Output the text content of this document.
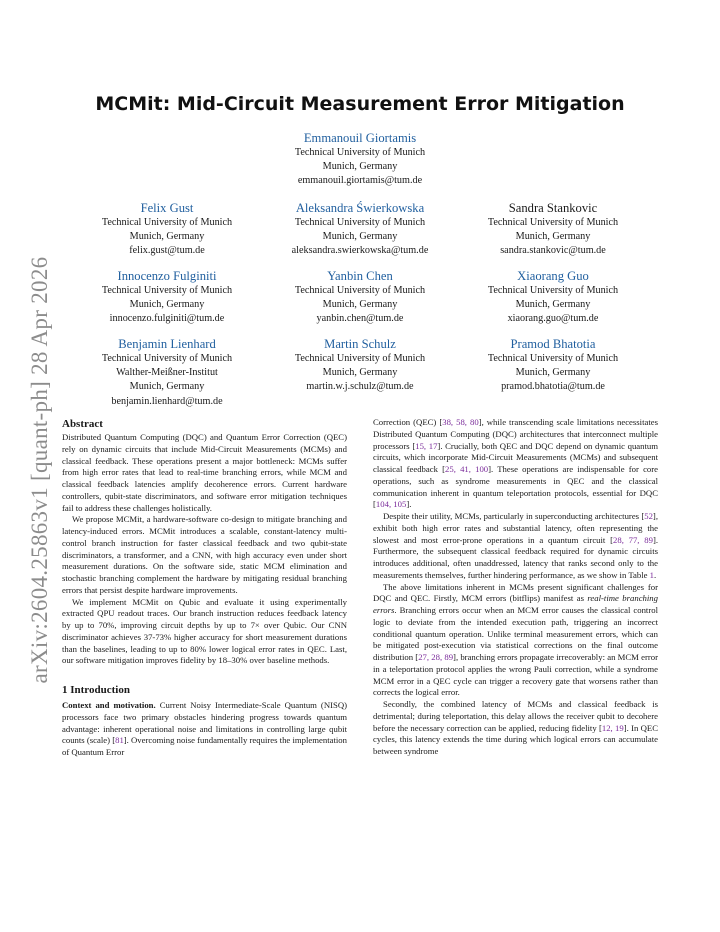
arXiv:2604.25863v1 [quant-ph] 28 Apr 2026
MCMit: Mid-Circuit Measurement Error Mitigation
Emmanouil Giortamis
Technical University of Munich
Munich, Germany
emmanouil.giortamis@tum.de
Felix Gust
Technical University of Munich
Munich, Germany
felix.gust@tum.de
Aleksandra Świerkowska
Technical University of Munich
Munich, Germany
aleksandra.swierkowska@tum.de
Sandra Stankovic
Technical University of Munich
Munich, Germany
sandra.stankovic@tum.de
Innocenzo Fulginiti
Technical University of Munich
Munich, Germany
innocenzo.fulginiti@tum.de
Yanbin Chen
Technical University of Munich
Munich, Germany
yanbin.chen@tum.de
Xiaorang Guo
Technical University of Munich
Munich, Germany
xiaorang.guo@tum.de
Benjamin Lienhard
Technical University of Munich
Walther-Meißner-Institut
Munich, Germany
benjamin.lienhard@tum.de
Martin Schulz
Technical University of Munich
Munich, Germany
martin.w.j.schulz@tum.de
Pramod Bhatotia
Technical University of Munich
Munich, Germany
pramod.bhatotia@tum.de
Abstract

Distributed Quantum Computing (DQC) and Quantum Error Correction (QEC) rely on dynamic circuits that include Mid-Circuit Measurements (MCMs) and classical feedback. These operations present a major bottleneck: MCMs suffer from high error rates that lead to real-time branching errors, while MCM and classical feedback latencies amplify decoherence errors. Current hardware controllers, qubit-state discriminators, and software error mitigation techniques fail to address these challenges holistically.

We propose MCMit, a hardware-software co-design to mitigate branching and latency-induced errors. MCMit introduces a scalable, constant-latency multi-control branch instruction for faster classical feedback and two qubit-state discriminators, a transformer, and a CNN, with high accuracy even under short measurement durations. On the software side, static MCM elimination and stochastic branching complement the hardware by mitigating residual branching errors that persist despite hardware improvements.

We implement MCMit on Qubic and evaluate it using experimentally extracted QPU readout traces. Our branch instruction reduces feedback latency by up to 70%, improving circuit depths by up to 7× over Qubic. Our CNN discriminator achieves 37-73% higher accuracy for short measurement durations than the baselines, leading to up to 80% lower logical error rates in QEC. Last, our software mitigation improves fidelity by 18–30% over baseline methods.

1 Introduction

Context and motivation. Current Noisy Intermediate-Scale Quantum (NISQ) processors face two primary obstacles hindering progress towards quantum advantage: inherent operational noise and limitations in controlling large qubit counts (scale) [81]. Overcoming noise fundamentally requires the implementation of Quantum Error

Correction (QEC) [38, 58, 80], while transcending scale limitations necessitates Distributed Quantum Computing (DQC) architectures that interconnect multiple processors [15, 17]. Crucially, both QEC and DQC depend on dynamic quantum circuits, which incorporate Mid-Circuit Measurements (MCMs) and subsequent classical feedback [25, 41, 100]. These operations are indispensable for core operations, such as syndrome measurements in QEC and the classical communication inherent in quantum teleportation protocols, essential for DQC [104, 105].

Despite their utility, MCMs, particularly in superconducting architectures [52], exhibit both high error rates and substantial latency, often representing the slowest and most error-prone operations in a quantum circuit [28, 77, 89]. Furthermore, the subsequent classical feedback required for dynamic circuits introduces additional, often unaddressed, latency that ranks second only to the measurements themselves, further hindering performance, as we show in Table 1.

The above limitations inherent in MCMs present significant challenges for DQC and QEC. Firstly, MCM errors (bitflips) manifest as real-time branching errors. Branching errors occur when an MCM error causes the classical control logic to deviate from the intended execution path, triggering an incorrect conditional quantum operation. Unlike terminal measurement errors, which can be mitigated post-execution via statistical corrections on the final outcome distribution [27, 28, 89], branching errors propagate irrecoverably: an MCM error in a teleportation protocol applies the wrong Pauli correction, while a syndrome MCM error in a QEC cycle can trigger a recovery gate that worsens rather than corrects the logical error.

Secondly, the combined latency of MCMs and classical feedback is detrimental; during teleportation, this delay allows the receiver qubit to decohere before the necessary correction can be applied, reducing fidelity [12, 19]. In QEC cycles, this latency extends the time during which logical errors can accumulate between syndrome
